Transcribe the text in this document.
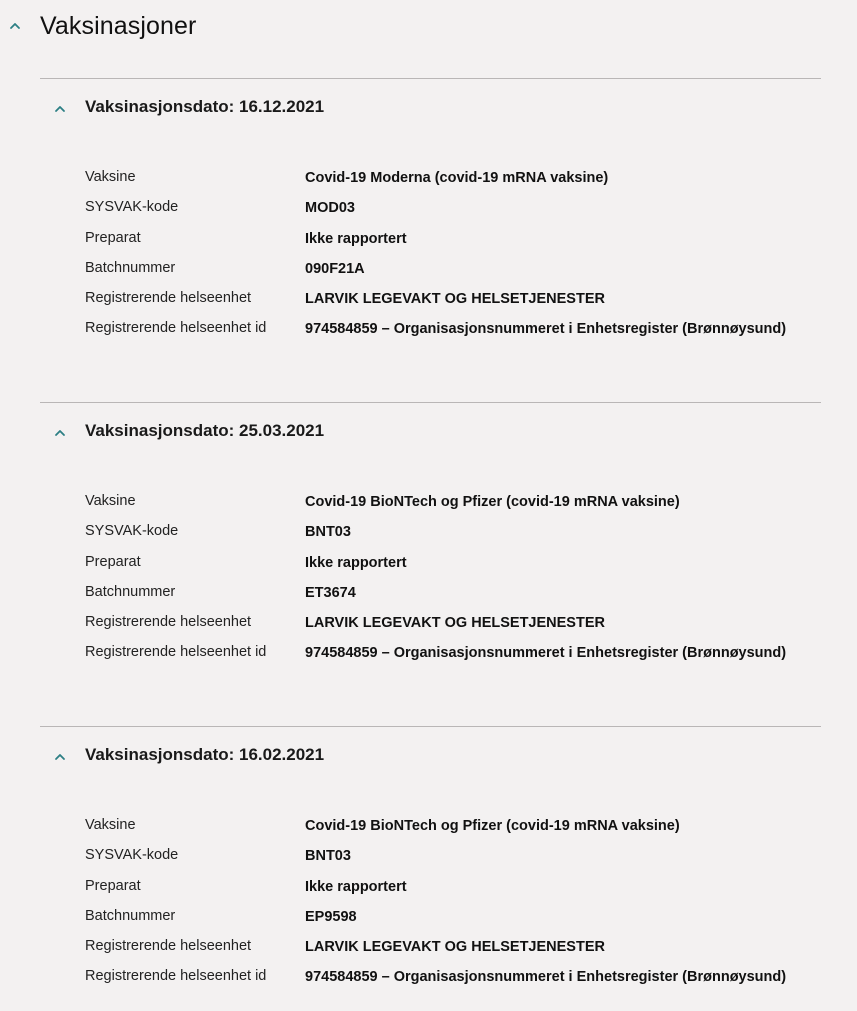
Vaksinasjoner
Vaksinasjonsdato: 16.12.2021
Vaksine	Covid-19 Moderna (covid-19 mRNA vaksine)
SYSVAK-kode	MOD03
Preparat	Ikke rapportert
Batchnummer	090F21A
Registrerende helseenhet	LARVIK LEGEVAKT OG HELSETJENESTER
Registrerende helseenhet id	974584859 – Organisasjonsnummeret i Enhetsregister (Brønnøysund)
Vaksinasjonsdato: 25.03.2021
Vaksine	Covid-19 BioNTech og Pfizer (covid-19 mRNA vaksine)
SYSVAK-kode	BNT03
Preparat	Ikke rapportert
Batchnummer	ET3674
Registrerende helseenhet	LARVIK LEGEVAKT OG HELSETJENESTER
Registrerende helseenhet id	974584859 – Organisasjonsnummeret i Enhetsregister (Brønnøysund)
Vaksinasjonsdato: 16.02.2021
Vaksine	Covid-19 BioNTech og Pfizer (covid-19 mRNA vaksine)
SYSVAK-kode	BNT03
Preparat	Ikke rapportert
Batchnummer	EP9598
Registrerende helseenhet	LARVIK LEGEVAKT OG HELSETJENESTER
Registrerende helseenhet id	974584859 – Organisasjonsnummeret i Enhetsregister (Brønnøysund)
